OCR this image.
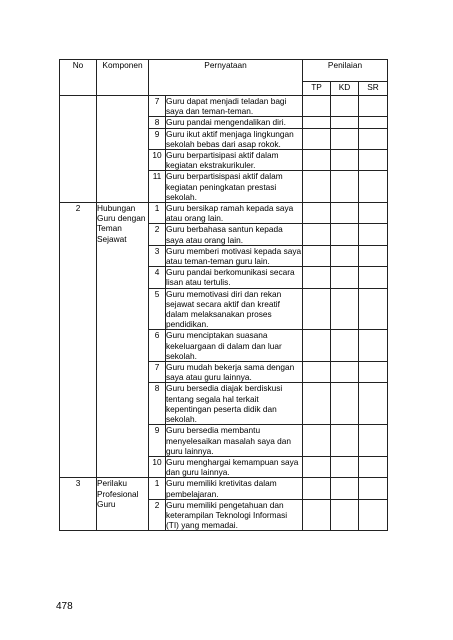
No	Komponen	Pernyataan		Penilaian		
				TP	KD	SR
		7	Guru dapat menjadi teladan bagi saya dan teman-teman.			
		8	Guru pandai mengendalikan diri.			
		9	Guru ikut aktif menjaga lingkungan sekolah bebas dari asap rokok.			
		10	Guru berpartisipasi aktif dalam kegiatan ekstrakurikuler.			
		11	Guru berpartisispasi aktif dalam kegiatan peningkatan prestasi sekolah.			
2	Hubungan Guru dengan Teman Sejawat	1	Guru bersikap ramah kepada saya atau orang lain.			
		2	Guru berbahasa santun kepada saya atau orang lain.			
		3	Guru memberi motivasi kepada saya atau teman-teman guru lain.			
		4	Guru pandai berkomunikasi secara lisan atau tertulis.			
		5	Guru memotivasi diri dan rekan sejawat secara aktif dan kreatif dalam melaksanakan proses pendidikan.			
		6	Guru menciptakan suasana kekeluargaan di dalam dan luar sekolah.			
		7	Guru mudah bekerja sama dengan saya atau guru lainnya.			
		8	Guru bersedia diajak berdiskusi tentang segala hal terkait kepentingan peserta didik dan sekolah.			
		9	Guru bersedia membantu menyelesaikan masalah saya dan guru lainnya.			
		10	Guru menghargai kemampuan saya dan guru lainnya.			
3	Perilaku Profesional Guru	1	Guru memiliki kretivitas dalam pembelajaran.			
		2	Guru memiliki pengetahuan dan keterampilan Teknologi Informasi (TI) yang memadai.			
478
